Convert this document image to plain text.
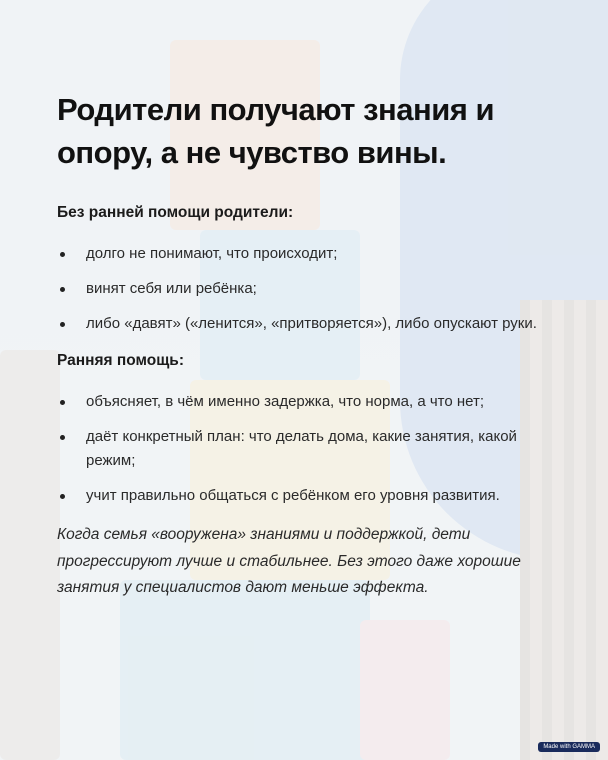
Родители получают знания и опору, а не чувство вины.
Без ранней помощи родители:
долго не понимают, что происходит;
винят себя или ребёнка;
либо «давят» («ленится», «притворяется»), либо опускают руки.
Ранняя помощь:
объясняет, в чём именно задержка, что норма, а что нет;
даёт конкретный план: что делать дома, какие занятия, какой режим;
учит правильно общаться с ребёнком его уровня развития.

Когда семья «вооружена» знаниями и поддержкой, дети прогрессируют лучше и стабильнее. Без этого даже хорошие занятия у специалистов дают меньше эффекта.

Made with GAMMA
